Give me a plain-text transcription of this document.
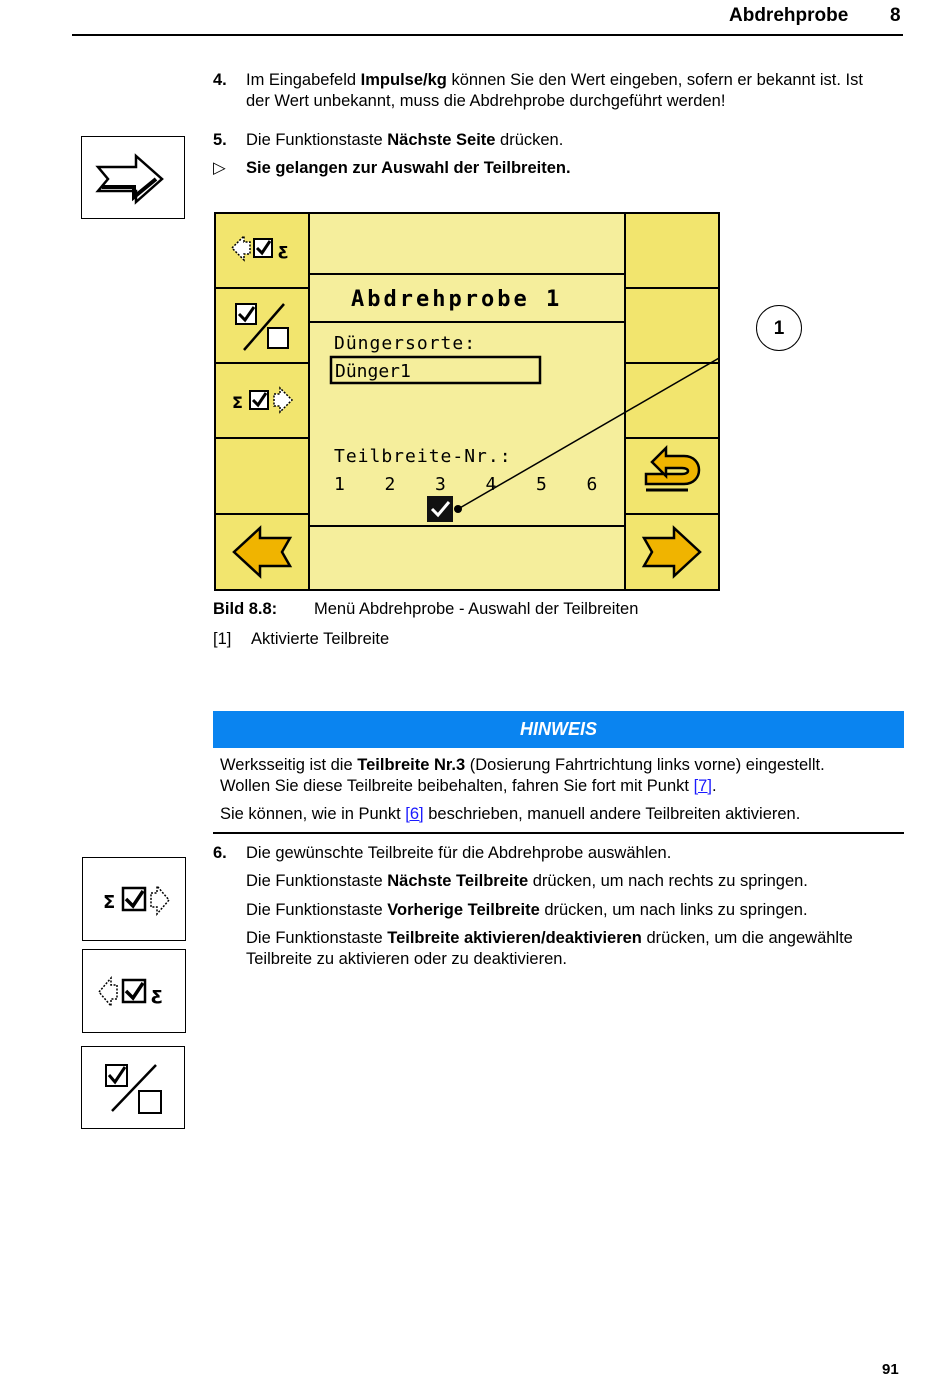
Abdrehprobe 8
4. Im Eingabefeld Impulse/kg können Sie den Wert eingeben, sofern er bekannt ist. Ist
der Wert unbekannt, muss die Abdrehprobe durchgeführt werden!
5. Die Funktionstaste Nächste Seite drücken.
▷ Sie gelangen zur Auswahl der Teilbreiten.
ƹ
Σ
Abdrehprobe 1
Düngersorte:
Dünger1
Teilbreite-Nr.:
1 2 3 4 5 6
1
Bild 8.8: Menü Abdrehprobe - Auswahl der Teilbreiten
[1] Aktivierte Teilbreite
HINWEIS
Werksseitig ist die Teilbreite Nr.3 (Dosierung Fahrtrichtung links vorne) eingestellt.
Wollen Sie diese Teilbreite beibehalten, fahren Sie fort mit Punkt [7].
Sie können, wie in Punkt [6] beschrieben, manuell andere Teilbreiten aktivieren.
6. Die gewünschte Teilbreite für die Abdrehprobe auswählen.
Die Funktionstaste Nächste Teilbreite drücken, um nach rechts zu springen.
Die Funktionstaste Vorherige Teilbreite drücken, um nach links zu springen.
Die Funktionstaste Teilbreite aktivieren/deaktivieren drücken, um die angewählte
Teilbreite zu aktivieren oder zu deaktivieren.
Σ
ƹ
91
